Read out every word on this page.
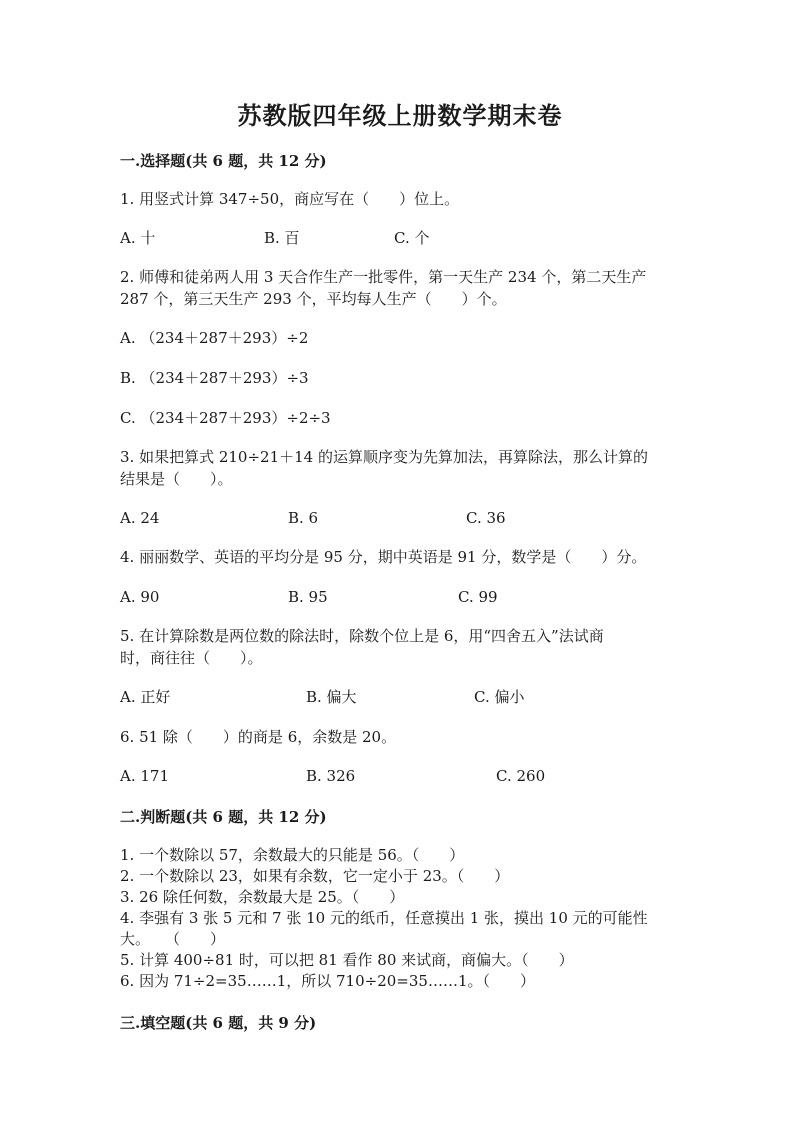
苏教版四年级上册数学期末卷
一.选择题(共 6 题，共 12 分)
1. 用竖式计算 347÷50，商应写在（　　）位上。
A. 十	B. 百	C. 个
2. 师傅和徒弟两人用 3 天合作生产一批零件，第一天生产 234 个，第二天生产
287 个，第三天生产 293 个，平均每人生产（　　）个。
A. （234＋287＋293）÷2
B. （234＋287＋293）÷3
C. （234＋287＋293）÷2÷3
3. 如果把算式 210÷21＋14 的运算顺序变为先算加法，再算除法，那么计算的
结果是（　　）。
A. 24	B. 6	C. 36
4. 丽丽数学、英语的平均分是 95 分，期中英语是 91 分，数学是（　　）分。
A. 90	B. 95	C. 99
5. 在计算除数是两位数的除法时，除数个位上是 6，用“四舍五入”法试商
时，商往往（　　）。
A. 正好	B. 偏大	C. 偏小
6. 51 除（　　）的商是 6，余数是 20。
A. 171	B. 326	C. 260
二.判断题(共 6 题，共 12 分)
1. 一个数除以 57，余数最大的只能是 56。（　　）
2. 一个数除以 23，如果有余数，它一定小于 23。（　　）
3. 26 除任何数，余数最大是 25。（　　）
4. 李强有 3 张 5 元和 7 张 10 元的纸币，任意摸出 1 张，摸出 10 元的可能性
大。　　（　　）
5. 计算 400÷81 时，可以把 81 看作 80 来试商，商偏大。（　　）
6. 因为 71÷2=35……1，所以 710÷20=35……1。（　　）
三.填空题(共 6 题，共 9 分)
